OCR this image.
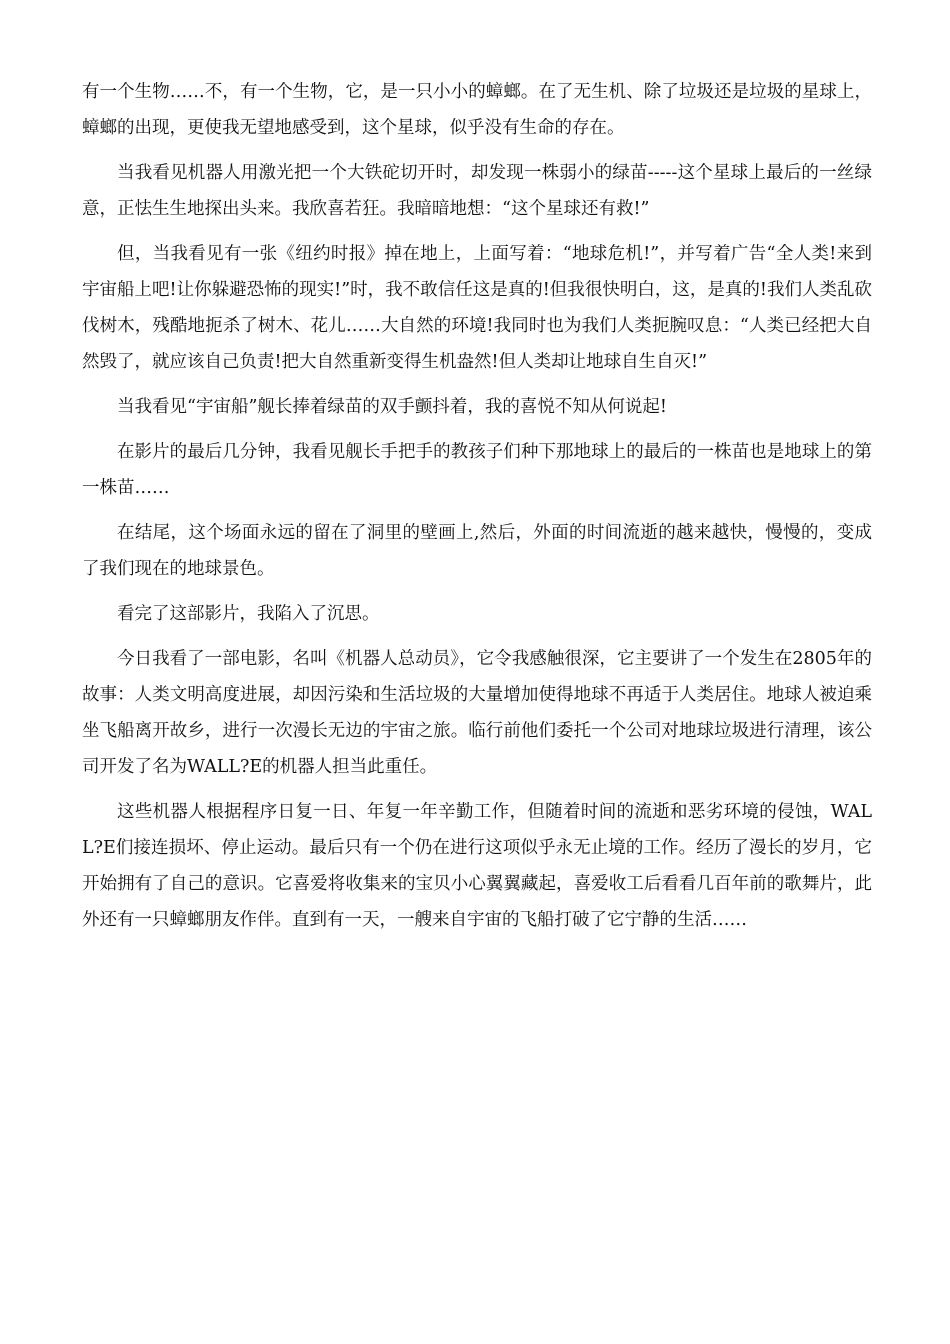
有一个生物……不，有一个生物，它，是一只小小的蟑螂。在了无生机、除了垃圾还是垃圾的星球上，蟑螂的出现，更使我无望地感受到，这个星球，似乎没有生命的存在。

当我看见机器人用激光把一个大铁砣切开时，却发现一株弱小的绿苗-----这个星球上最后的一丝绿意，正怯生生地探出头来。我欣喜若狂。我暗暗地想：“这个星球还有救!”

但，当我看见有一张《纽约时报》掉在地上，上面写着：“地球危机!”，并写着广告“全人类!来到宇宙船上吧!让你躲避恐怖的现实!”时，我不敢信任这是真的!但我很快明白，这，是真的!我们人类乱砍伐树木，残酷地扼杀了树木、花儿……大自然的环境!我同时也为我们人类扼腕叹息：“人类已经把大自然毁了，就应该自己负责!把大自然重新变得生机盎然!但人类却让地球自生自灭!”

当我看见“宇宙船”舰长捧着绿苗的双手颤抖着，我的喜悦不知从何说起!

在影片的最后几分钟，我看见舰长手把手的教孩子们种下那地球上的最后的一株苗也是地球上的第一株苗……

在结尾，这个场面永远的留在了洞里的壁画上,然后，外面的时间流逝的越来越快，慢慢的，变成了我们现在的地球景色。

看完了这部影片，我陷入了沉思。

今日我看了一部电影，名叫《机器人总动员》，它令我感触很深，它主要讲了一个发生在2805年的故事：人类文明高度进展，却因污染和生活垃圾的大量增加使得地球不再适于人类居住。地球人被迫乘坐飞船离开故乡，进行一次漫长无边的宇宙之旅。临行前他们委托一个公司对地球垃圾进行清理，该公司开发了名为WALL?E的机器人担当此重任。

这些机器人根据程序日复一日、年复一年辛勤工作，但随着时间的流逝和恶劣环境的侵蚀，WALL?E们接连损坏、停止运动。最后只有一个仍在进行这项似乎永无止境的工作。经历了漫长的岁月，它开始拥有了自己的意识。它喜爱将收集来的宝贝小心翼翼藏起，喜爱收工后看看几百年前的歌舞片，此外还有一只蟑螂朋友作伴。直到有一天，一艘来自宇宙的飞船打破了它宁静的生活……
